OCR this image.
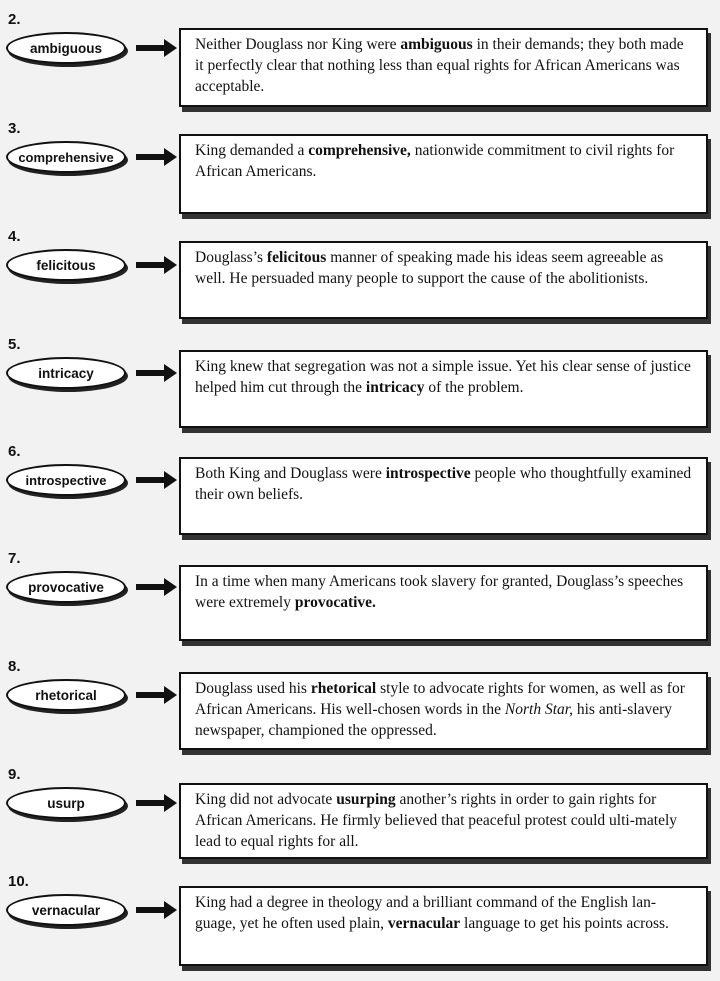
2.
ambiguous	Neither Douglass nor King were ambiguous in their demands; they both made it perfectly clear that nothing less than equal rights for African Americans was acceptable.
3.
comprehensive	King demanded a comprehensive, nationwide commitment to civil rights for African Americans.
4.
felicitous	Douglass’s felicitous manner of speaking made his ideas seem agreeable as well. He persuaded many people to support the cause of the abolitionists.
5.
intricacy	King knew that segregation was not a simple issue. Yet his clear sense of justice helped him cut through the intricacy of the problem.
6.
introspective	Both King and Douglass were introspective people who thoughtfully examined their own beliefs.
7.
provocative	In a time when many Americans took slavery for granted, Douglass’s speeches were extremely provocative.
8.
rhetorical	Douglass used his rhetorical style to advocate rights for women, as well as for African Americans. His well-chosen words in the North Star, his anti-slavery newspaper, championed the oppressed.
9.
usurp	King did not advocate usurping another’s rights in order to gain rights for African Americans. He firmly believed that peaceful protest could ulti-mately lead to equal rights for all.
10.
vernacular	King had a degree in theology and a brilliant command of the English lan-guage, yet he often used plain, vernacular language to get his points across.
